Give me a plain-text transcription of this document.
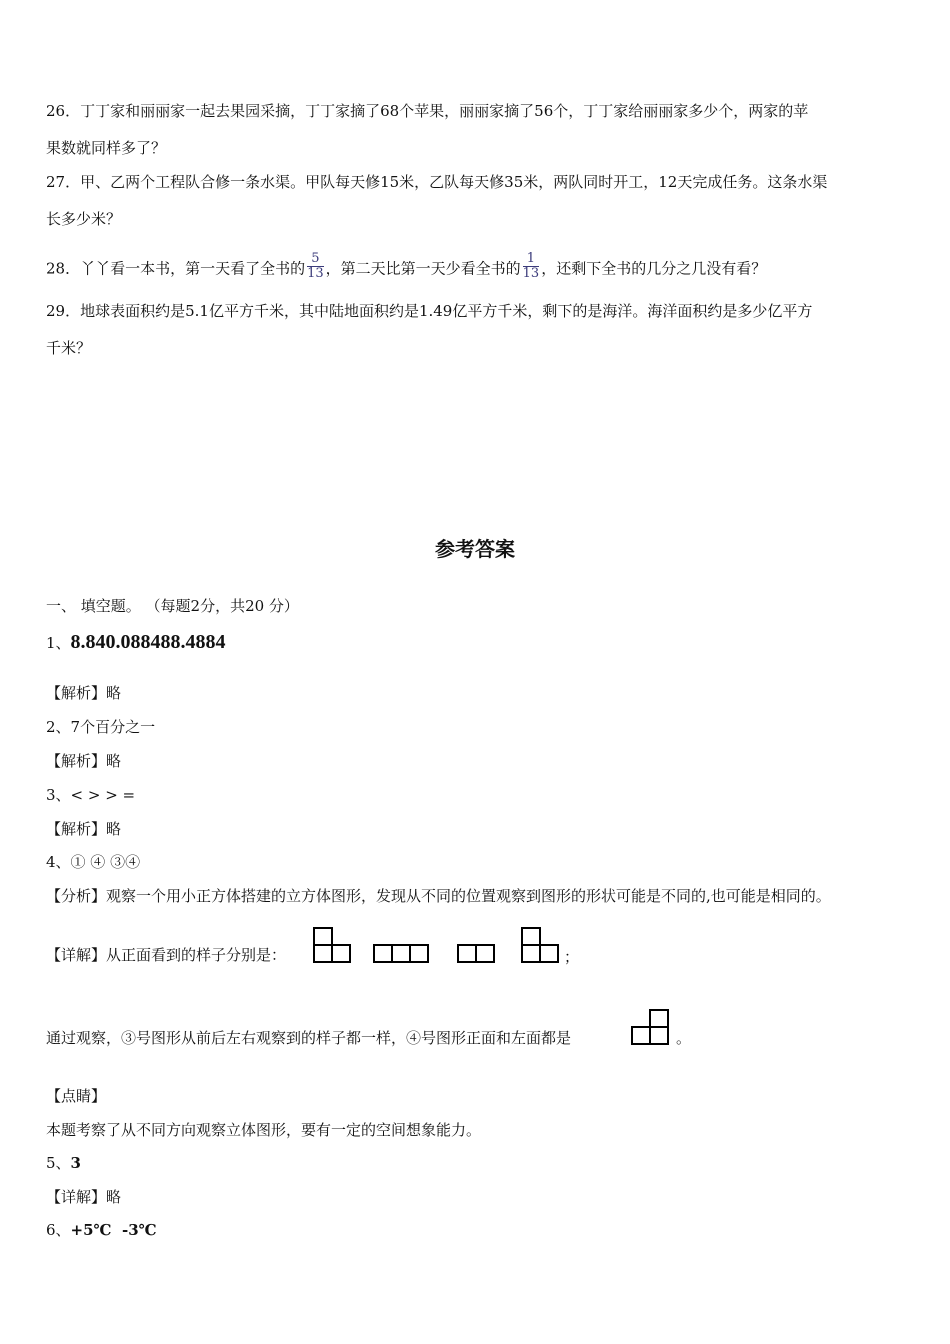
26．丁丁家和丽丽家一起去果园采摘，丁丁家摘了68个苹果，丽丽家摘了56个，丁丁家给丽丽家多少个，两家的苹
果数就同样多了？
27．甲、乙两个工程队合修一条水渠。甲队每天修15米，乙队每天修35米，两队同时开工，12天完成任务。这条水渠
长多少米？
28．丫丫看一本书，第一天看了全书的 $\frac{5}{13}$ ，第二天比第一天少看全书的 $\frac{1}{13}$ ，还剩下全书的几分之几没有看？
29．地球表面积约是5.1亿平方千米，其中陆地面积约是1.49亿平方千米，剩下的是海洋。海洋面积约是多少亿平方
千米？
参考答案
一、 填空题。 （每题2分，共20 分）
1、8.840.088488.4884
【解析】略
2、7个百分之一
【解析】略
3、< > > =
【解析】略
4、① ④ ③④
【分析】观察一个用小正方体搭建的立方体图形，发现从不同的位置观察到图形的形状可能是不同的,也可能是相同的。
【详解】从正面看到的样子分别是：	；
通过观察，③号图形从前后左右观察到的样子都一样，④号图形正面和左面都是	。
【点睛】
本题考察了从不同方向观察立体图形，要有一定的空间想象能力。
5、3
【详解】略
6、+5℃  -3℃
